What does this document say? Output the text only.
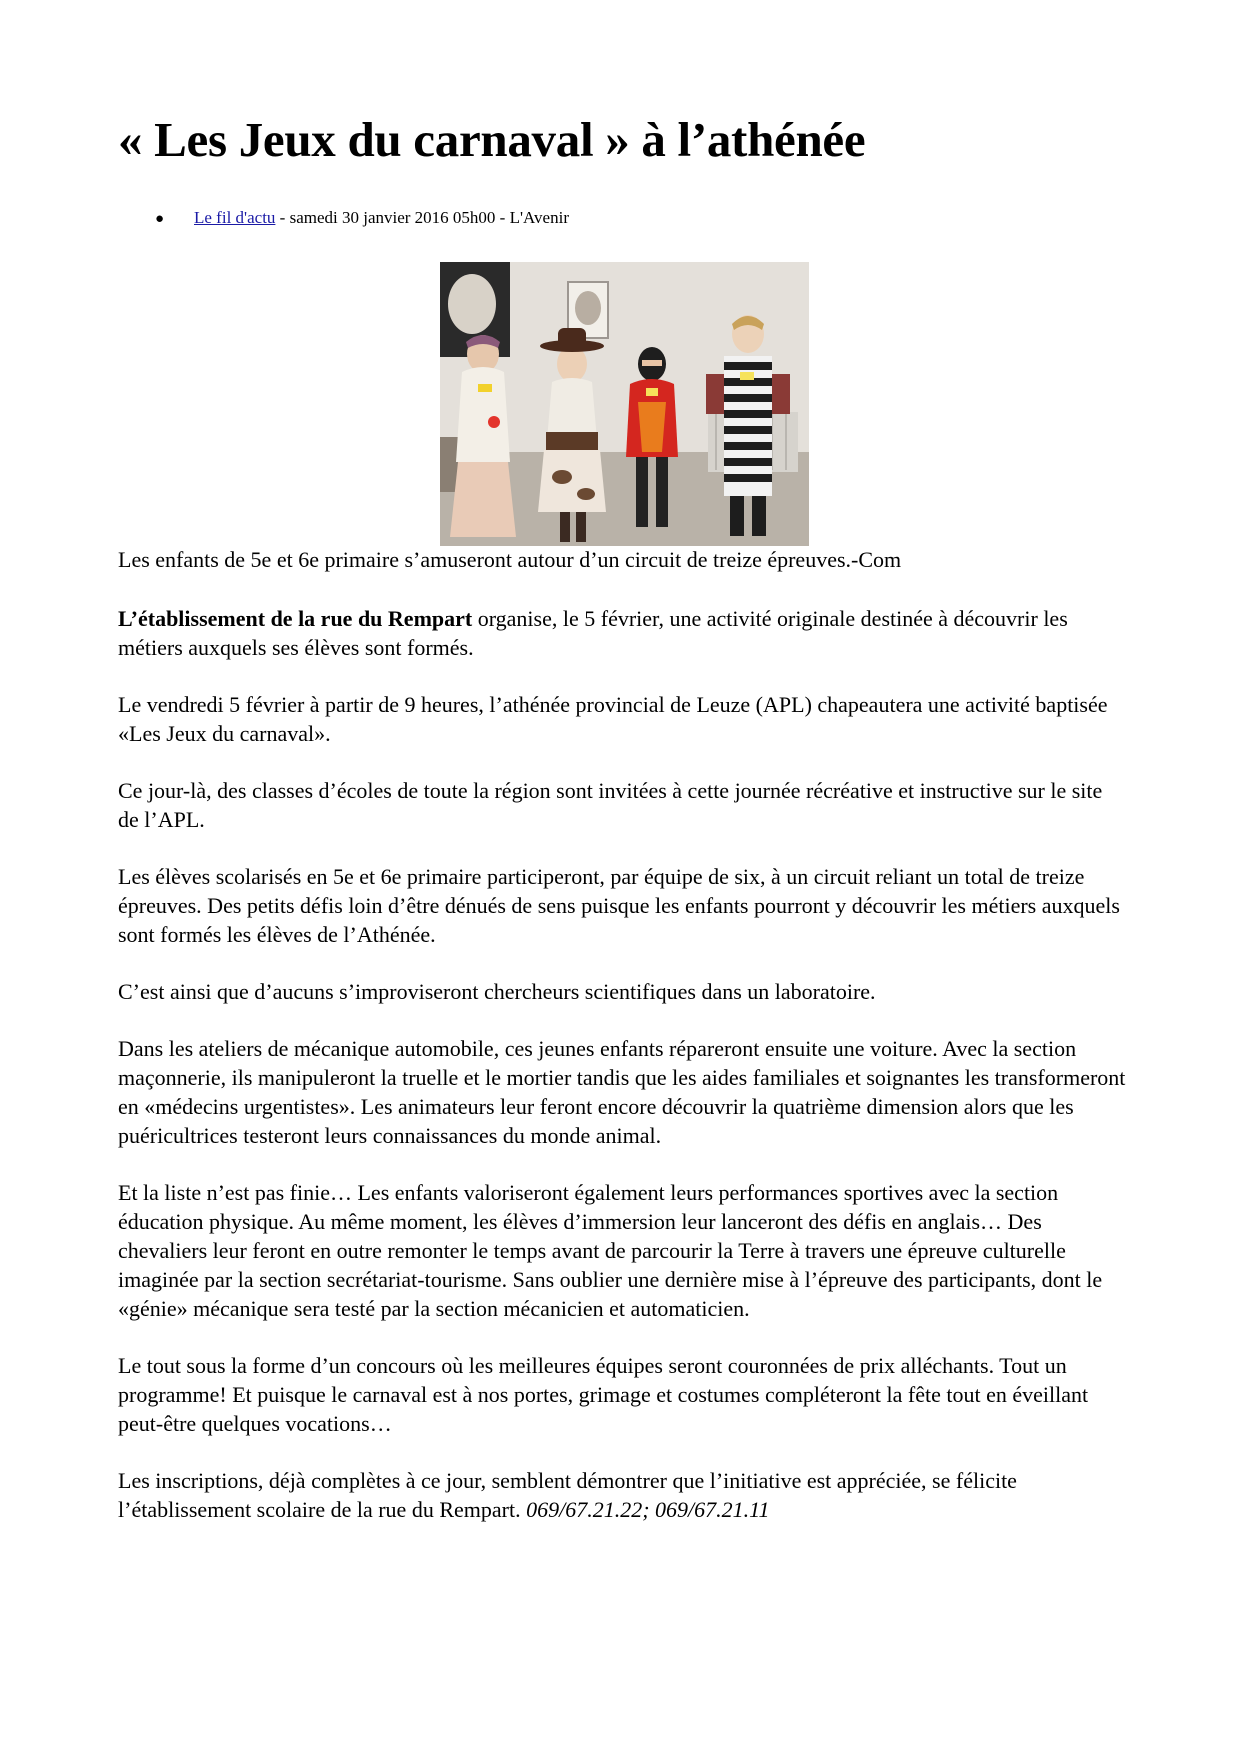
« Les Jeux du carnaval » à l’athénée
● Le fil d'actu - samedi 30 janvier 2016 05h00 - L'Avenir
Les enfants de 5e et 6e primaire s’amuseront autour d’un circuit de treize épreuves.-Com

L’établissement de la rue du Rempart organise, le 5 février, une activité originale destinée à découvrir les métiers auxquels ses élèves sont formés.

Le vendredi 5 février à partir de 9 heures, l’athénée provincial de Leuze (APL) chapeautera une activité baptisée «Les Jeux du carnaval».

Ce jour-là, des classes d’écoles de toute la région sont invitées à cette journée récréative et instructive sur le site de l’APL.

Les élèves scolarisés en 5e et 6e primaire participeront, par équipe de six, à un circuit reliant un total de treize épreuves. Des petits défis loin d’être dénués de sens puisque les enfants pourront y découvrir les métiers auxquels sont formés les élèves de l’Athénée.

C’est ainsi que d’aucuns s’improviseront chercheurs scientifiques dans un laboratoire.

Dans les ateliers de mécanique automobile, ces jeunes enfants répareront ensuite une voiture. Avec la section maçonnerie, ils manipuleront la truelle et le mortier tandis que les aides familiales et soignantes les transformeront en «médecins urgentistes». Les animateurs leur feront encore découvrir la quatrième dimension alors que les puéricultrices testeront leurs connaissances du monde animal.

Et la liste n’est pas finie… Les enfants valoriseront également leurs performances sportives avec la section éducation physique. Au même moment, les élèves d’immersion leur lanceront des défis en anglais… Des chevaliers leur feront en outre remonter le temps avant de parcourir la Terre à travers une épreuve culturelle imaginée par la section secrétariat-tourisme. Sans oublier une dernière mise à l’épreuve des participants, dont le «génie» mécanique sera testé par la section mécanicien et automaticien.

Le tout sous la forme d’un concours où les meilleures équipes seront couronnées de prix alléchants. Tout un programme! Et puisque le carnaval est à nos portes, grimage et costumes compléteront la fête tout en éveillant peut-être quelques vocations…

Les inscriptions, déjà complètes à ce jour, semblent démontrer que l’initiative est appréciée, se félicite l’établissement scolaire de la rue du Rempart. 069/67.21.22; 069/67.21.11
